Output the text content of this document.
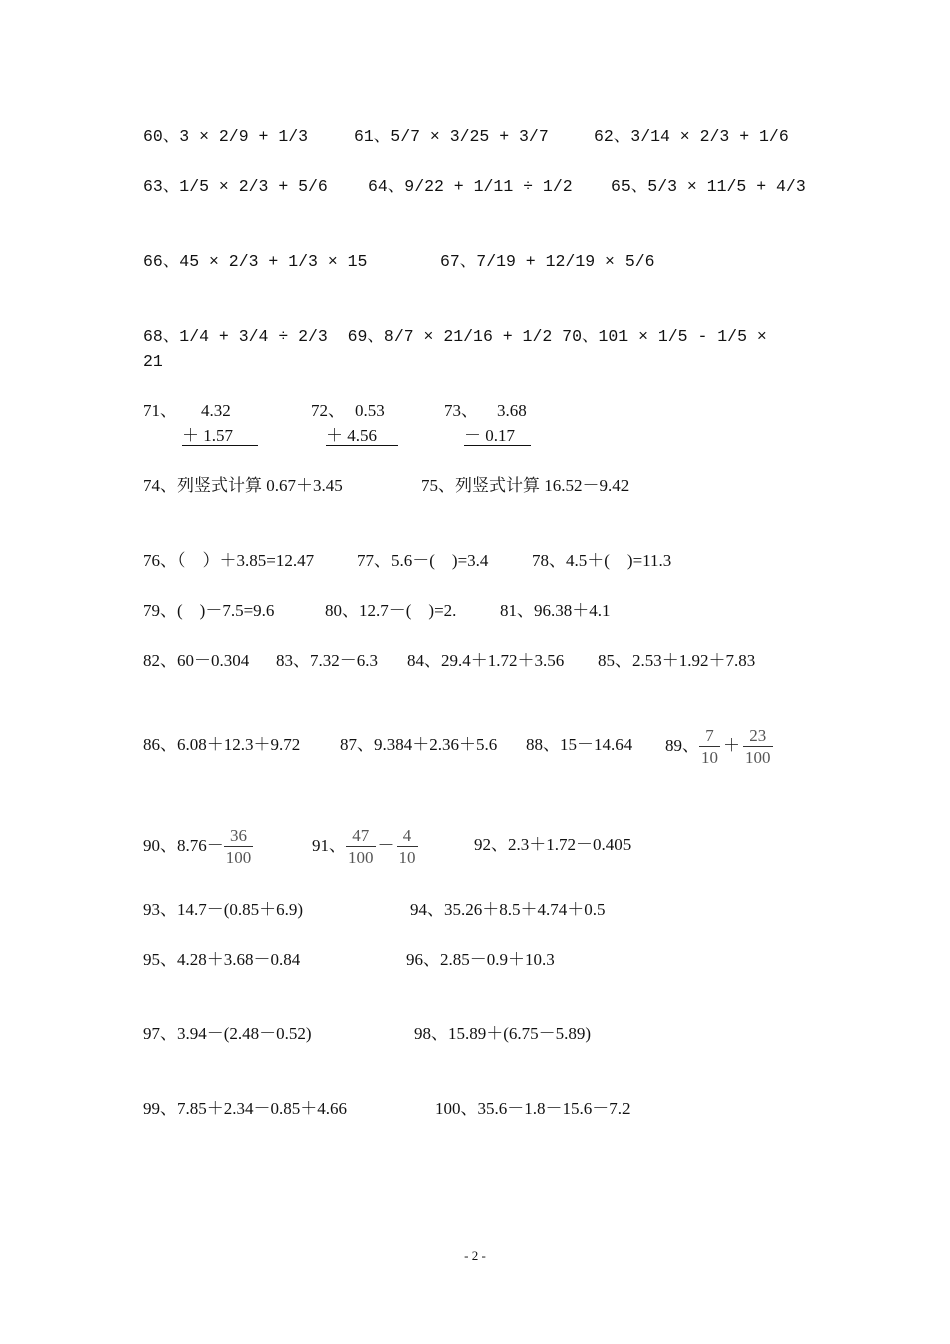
60、3 × 2/9 + 1/3	61、5/7 × 3/25 + 3/7	62、3/14 × 2/3 + 1/6
63、1/5 × 2/3 + 5/6 64、9/22 + 1/11 ÷ 1/2 65、5/3 × 11/5 + 4/3
66、45 × 2/3 + 1/3 × 15	67、7/19 + 12/19 × 5/6
68、1/4 + 3/4 ÷ 2/3  69、8/7 × 21/16 + 1/2 70、101 × 1/5 - 1/5 ×
21
71、 4.32
＋ 1.57
72、 0.53
＋ 4.56
73、 3.68
－ 0.17
74、列竖式计算 0.67＋3.45	75、列竖式计算 16.52－9.42
76、（　）＋3.85=12.47	77、5.6－(　)=3.4	78、4.5＋(　)=11.3
79、(　)－7.5=9.6	80、12.7－(　)=2.	81、96.38＋4.1
82、60－0.304 83、7.32－6.3 84、29.4＋1.72＋3.56 85、2.53＋1.92＋7.83
86、6.08＋12.3＋9.72 87、9.384＋2.36＋5.6 88、15－14.64 89、 $\frac{7}{10} + \frac{23}{100}$
90、$8.76- \frac{36}{100}$	91、 $\frac{47}{100} - \frac{4}{10}$	92、2.3＋1.72－0.405
93、14.7－(0.85＋6.9)	94、35.26＋8.5＋4.74＋0.5
95、4.28＋3.68－0.84	96、2.85－0.9＋10.3
97、3.94－(2.48－0.52)	98、15.89＋(6.75－5.89)
99、7.85＋2.34－0.85＋4.66	100、35.6－1.8－15.6－7.2
- 2 -
